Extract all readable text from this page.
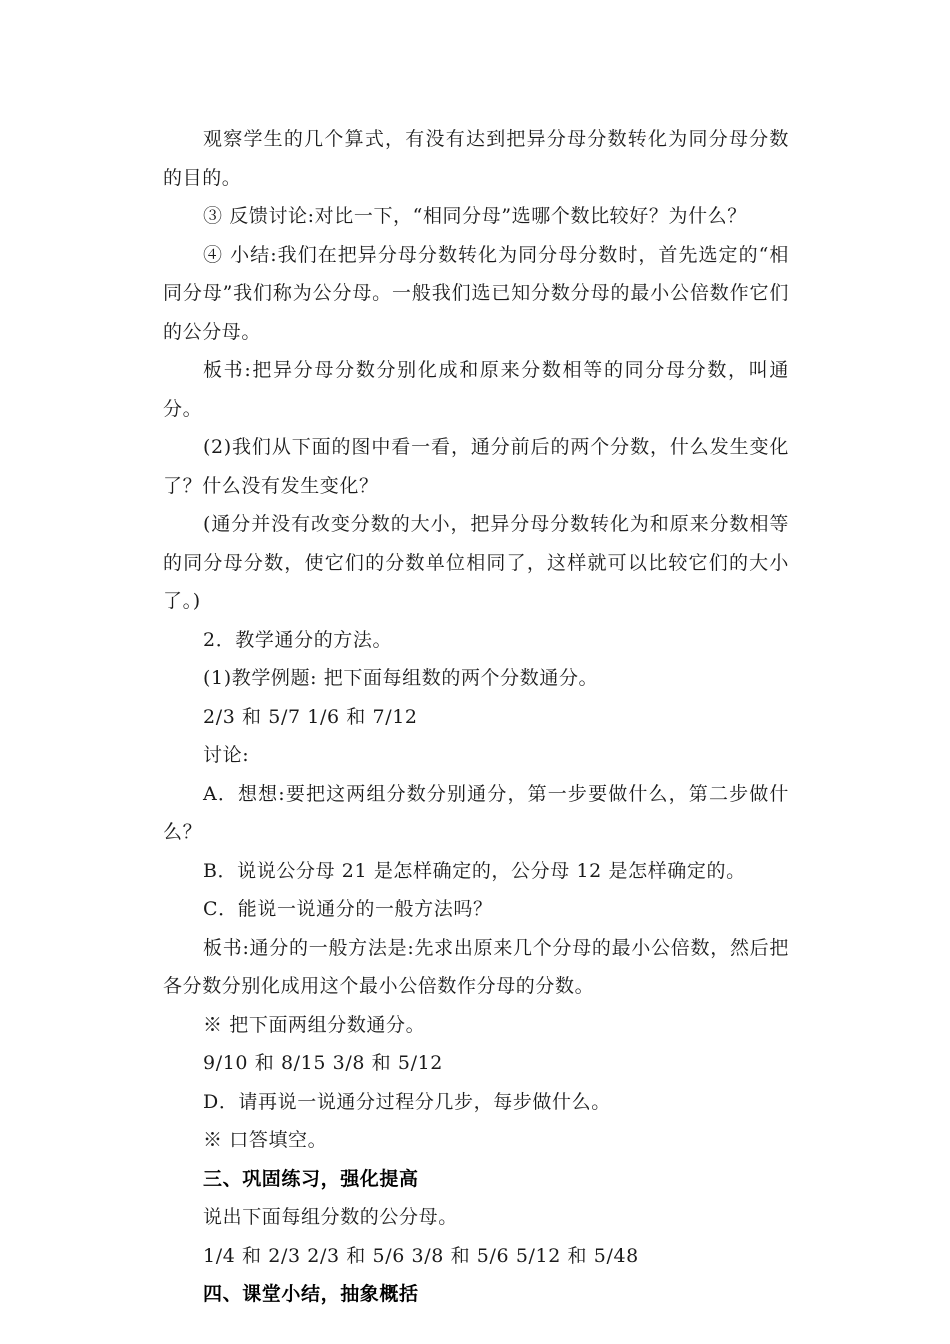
观察学生的几个算式，有没有达到把异分母分数转化为同分母分数的目的。

③ 反馈讨论:对比一下，“相同分母”选哪个数比较好？为什么？

④ 小结:我们在把异分母分数转化为同分母分数时，首先选定的“相同分母”我们称为公分母。一般我们选已知分数分母的最小公倍数作它们的公分母。

板书:把异分母分数分别化成和原来分数相等的同分母分数，叫通分。

(2)我们从下面的图中看一看，通分前后的两个分数，什么发生变化了？什么没有发生变化？

(通分并没有改变分数的大小，把异分母分数转化为和原来分数相等的同分母分数，使它们的分数单位相同了，这样就可以比较它们的大小了。)

2．教学通分的方法。

(1)教学例题: 把下面每组数的两个分数通分。

2/3 和 5/7 1/6 和 7/12

讨论:

A．想想:要把这两组分数分别通分，第一步要做什么，第二步做什么？

B．说说公分母 21 是怎样确定的，公分母 12 是怎样确定的。

C．能说一说通分的一般方法吗？

板书:通分的一般方法是:先求出原来几个分母的最小公倍数，然后把各分数分别化成用这个最小公倍数作分母的分数。

※ 把下面两组分数通分。

9/10 和 8/15 3/8 和 5/12

D．请再说一说通分过程分几步，每步做什么。

※ 口答填空。

三、巩固练习，强化提高

说出下面每组分数的公分母。

1/4 和 2/3 2/3 和 5/6 3/8 和 5/6 5/12 和 5/48

四、课堂小结，抽象概括
